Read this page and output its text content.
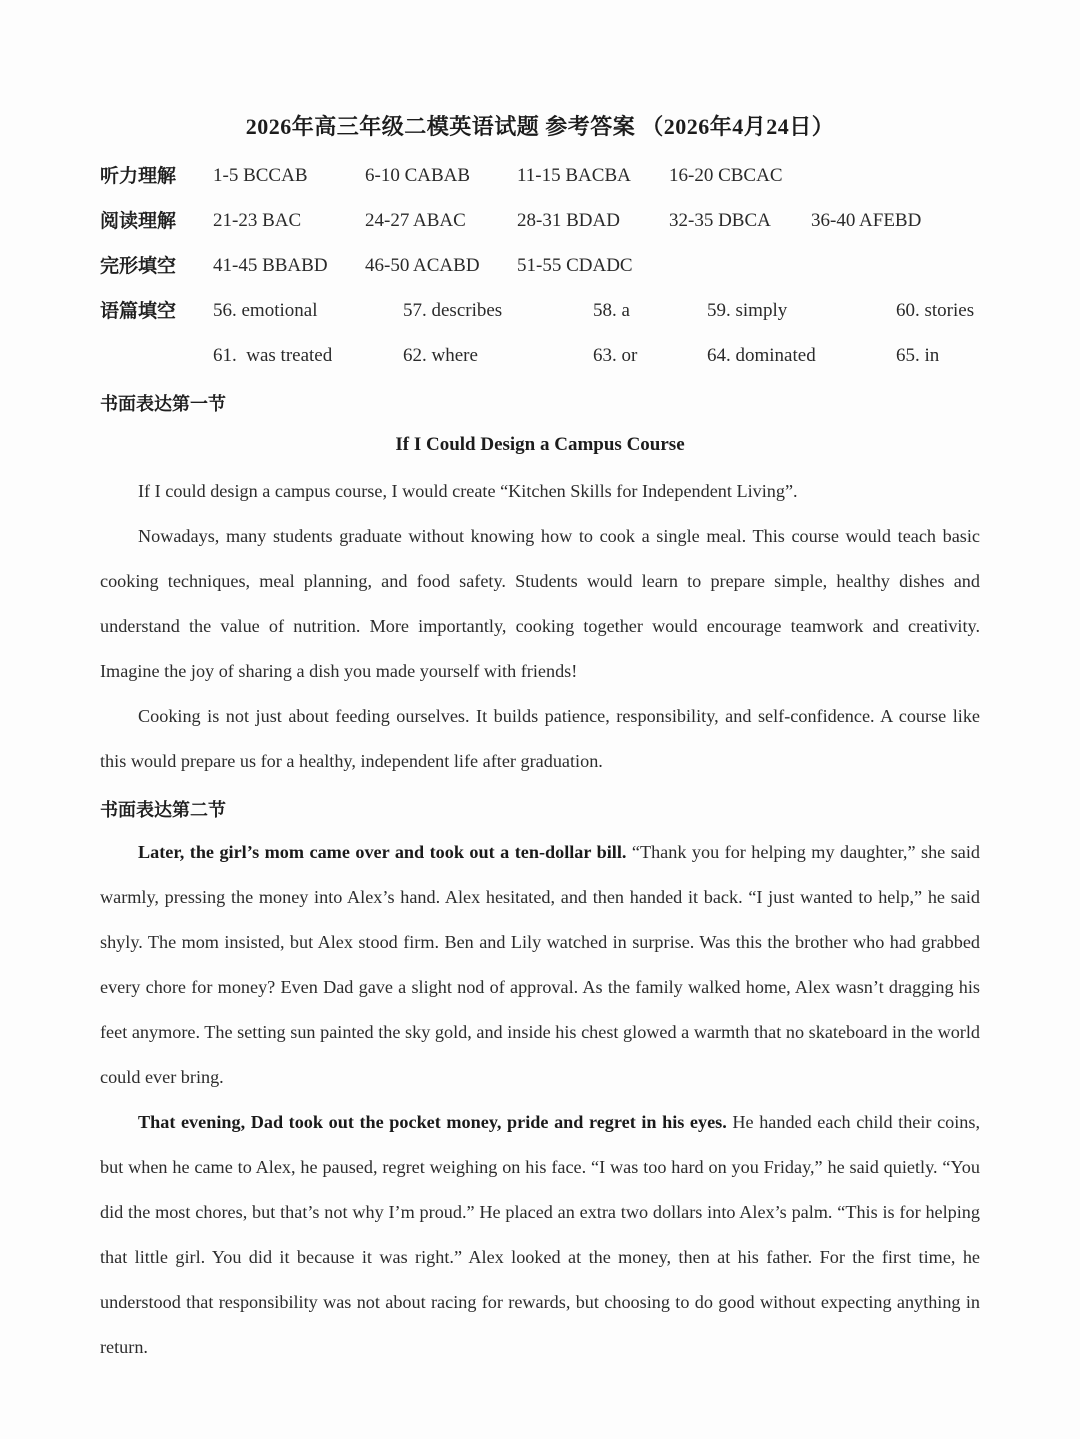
2026年高三年级二模英语试题 参考答案 （2026年4月24日）
听力理解 1-5 BCCAB	6-10 CABAB 11-15 BACBA 16-20 CBCAC
阅读理解 21-23 BAC	24-27 ABAC	28-31 BDAD	32-35 DBCA 36-40 AFEBD
完形填空 41-45 BBABD 46-50 ACABD 51-55 CDADC
语篇填空 56. emotional	57. describes	58. a	59. simply	60. stories
61.  was treated	62. where	63. or	64. dominated	65. in
书面表达第一节
If I Could Design a Campus Course
If I could design a campus course, I would create “Kitchen Skills for Independent Living”.
Nowadays, many students graduate without knowing how to cook a single meal. This course would teach basic cooking techniques, meal planning, and food safety. Students would learn to prepare simple, healthy dishes and understand the value of nutrition. More importantly, cooking together would encourage teamwork and creativity. Imagine the joy of sharing a dish you made yourself with friends!
Cooking is not just about feeding ourselves. It builds patience, responsibility, and self-confidence. A course like this would prepare us for a healthy, independent life after graduation.
书面表达第二节
Later, the girl’s mom came over and took out a ten-dollar bill. “Thank you for helping my daughter,” she said warmly, pressing the money into Alex’s hand. Alex hesitated, and then handed it back. “I just wanted to help,” he said shyly. The mom insisted, but Alex stood firm. Ben and Lily watched in surprise. Was this the brother who had grabbed every chore for money? Even Dad gave a slight nod of approval. As the family walked home, Alex wasn’t dragging his feet anymore. The setting sun painted the sky gold, and inside his chest glowed a warmth that no skateboard in the world could ever bring.
That evening, Dad took out the pocket money, pride and regret in his eyes. He handed each child their coins, but when he came to Alex, he paused, regret weighing on his face. “I was too hard on you Friday,” he said quietly. “You did the most chores, but that’s not why I’m proud.” He placed an extra two dollars into Alex’s palm. “This is for helping that little girl. You did it because it was right.” Alex looked at the money, then at his father. For the first time, he understood that responsibility was not about racing for rewards, but choosing to do good without expecting anything in return.
